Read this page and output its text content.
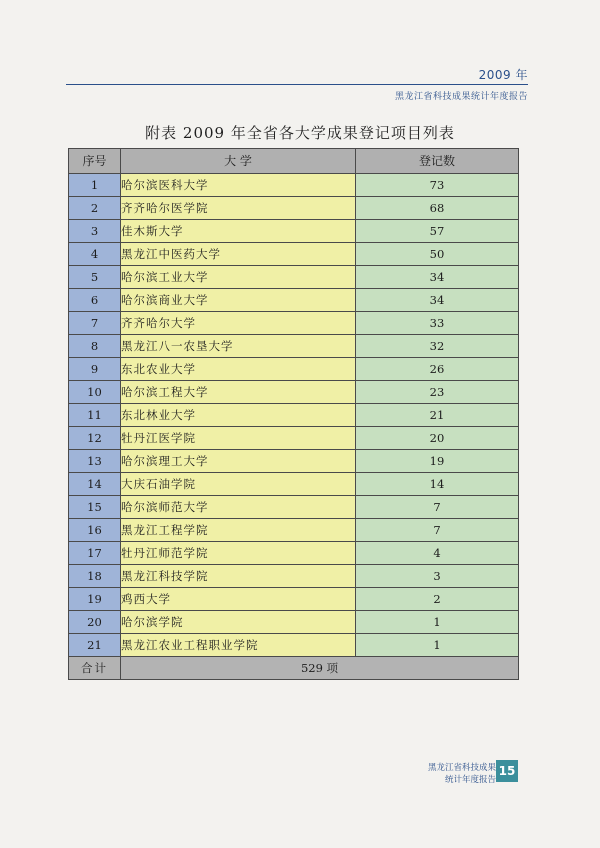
2009 年
黑龙江省科技成果统计年度报告
附表 2009 年全省各大学成果登记项目列表
序号	大 学	登记数
1	哈尔滨医科大学	73
2	齐齐哈尔医学院	68
3	佳木斯大学	57
4	黑龙江中医药大学	50
5	哈尔滨工业大学	34
6	哈尔滨商业大学	34
7	齐齐哈尔大学	33
8	黑龙江八一农垦大学	32
9	东北农业大学	26
10	哈尔滨工程大学	23
11	东北林业大学	21
12	牡丹江医学院	20
13	哈尔滨理工大学	19
14	大庆石油学院	14
15	哈尔滨师范大学	7
16	黑龙江工程学院	7
17	牡丹江师范学院	4
18	黑龙江科技学院	3
19	鸡西大学	2
20	哈尔滨学院	1
21	黑龙江农业工程职业学院	1
合计	529 项	
黑龙江省科技成果
统计年度报告
15
